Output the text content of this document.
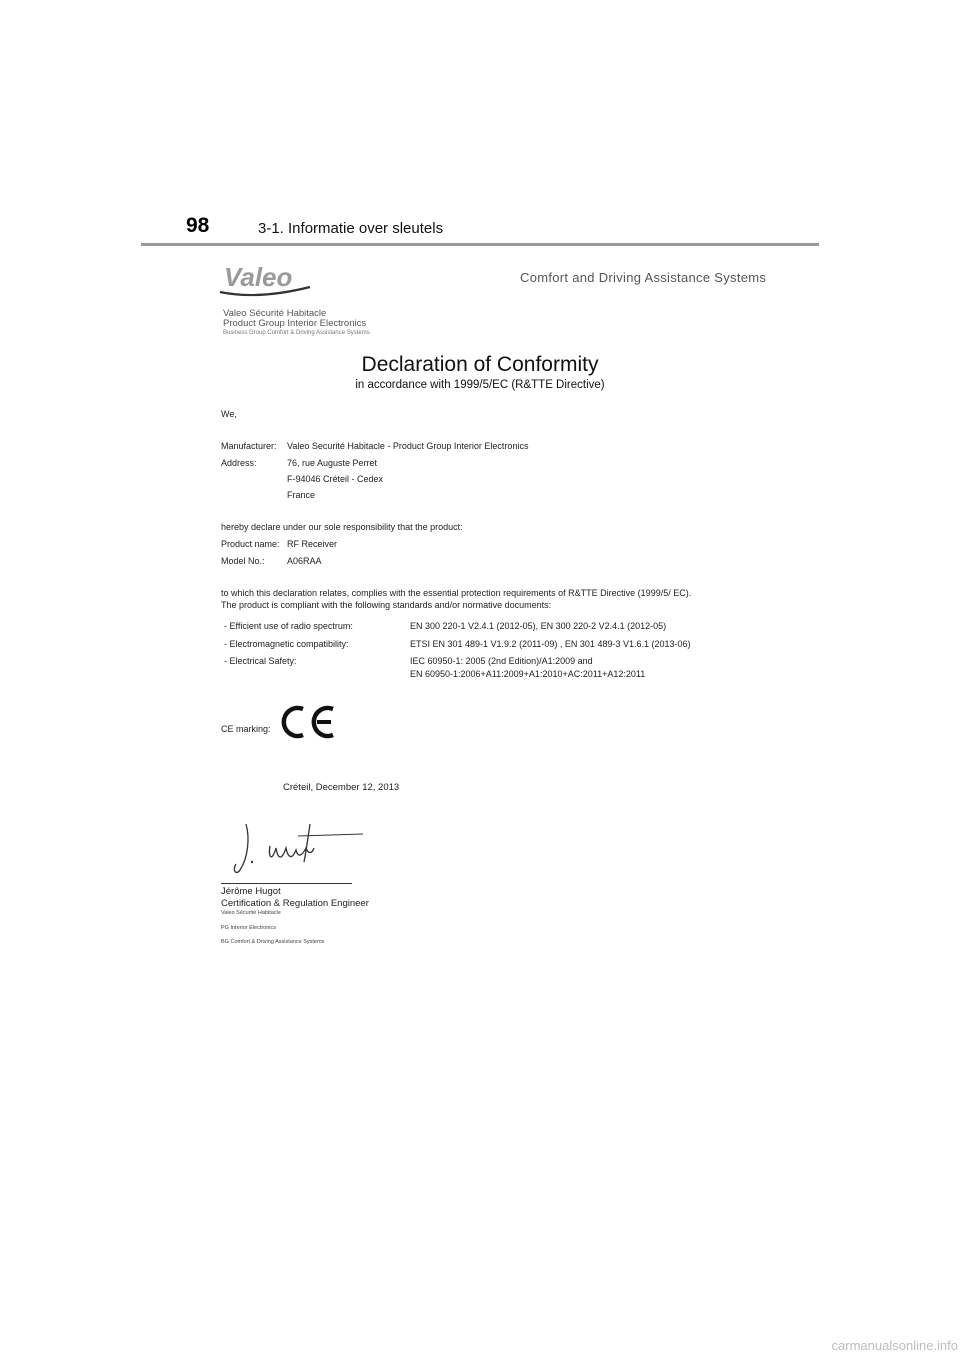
98	3-1. Informatie over sleutels
Valeo	Comfort and Driving Assistance Systems
Valeo Sécurité Habitacle
Product Group Interior Electronics
Business Group Comfort & Driving Assistance Systems
Declaration of Conformity
in accordance with 1999/5/EC (R&TTE Directive)
We,
Manufacturer: Valeo Securité Habitacle - Product Group Interior Electronics
Address:	76, rue Auguste Perret
F-94046 Créteil - Cedex
France
hereby declare under our sole responsibility that the product:
Product name: RF Receiver
Model No.: A06RAA
to which this declaration relates, complies with the essential protection requirements of R&TTE Directive (1999/5/ EC).
The product is compliant with the following standards and/or normative documents:
- Efficient use of radio spectrum:	EN 300 220-1 V2.4.1 (2012-05), EN 300 220-2 V2.4.1 (2012-05)
- Electromagnetic compatibility:	ETSI EN 301 489-1 V1.9.2 (2011-09) , EN 301 489-3 V1.6.1 (2013-06)
- Electrical Safety:	IEC 60950-1: 2005 (2nd Edition)/A1:2009 and
EN 60950-1:2006+A11:2009+A1:2010+AC:2011+A12:2011
CE marking:
Créteil, December 12, 2013
Jérôme Hugot
Certification & Regulation Engineer
Valeo Sécurité Habitacle
PG Interior Electronics
BG Comfort & Driving Assistance Systems
carmanualsonline.info
